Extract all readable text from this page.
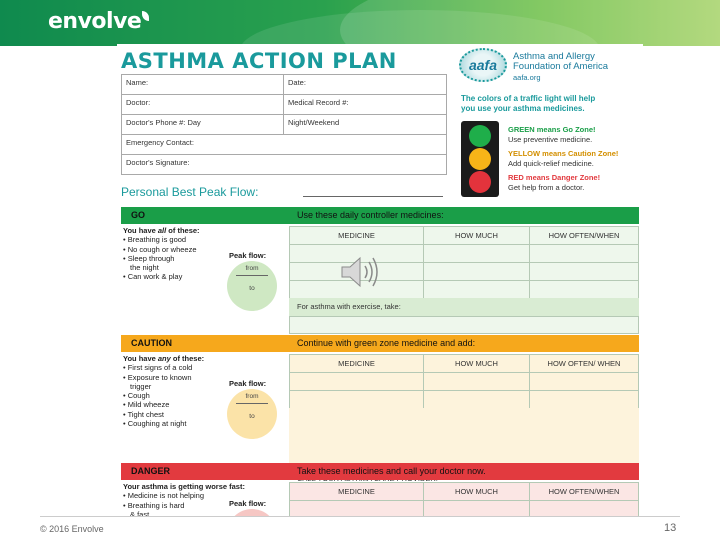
envolve
ASTHMA ACTION PLAN	aafa
Asthma and Allergy
Foundation of America
aafa.org
Name:	Date:
Doctor:	Medical Record #:
Doctor's Phone #: Day	Night/Weekend
Emergency Contact:	
Doctor's Signature:	
The colors of a traffic light will help
you use your asthma medicines.
GREEN means Go Zone!
Use preventive medicine.
YELLOW means Caution Zone!
Add quick-relief medicine.
RED means Danger Zone!
Get help from a doctor.
Personal Best Peak Flow:
GO	Use these daily controller medicines:
You have all of these:
• Breathing is good
• No cough or wheeze
• Sleep through
the night
• Can work & play
Peak flow:
from
to
MEDICINE	HOW MUCH	HOW OFTEN/WHEN

For asthma with exercise, take:
CAUTION	Continue with green zone medicine and add:
You have any of these:
• First signs of a cold
• Exposure to known
trigger
• Cough
• Mild wheeze
• Tight chest
• Coughing at night
Peak flow:
from
to
MEDICINE	HOW MUCH	HOW OFTEN/ WHEN

DANGER	Take these medicines and call your doctor now.
Your asthma is getting worse fast:
• Medicine is not helping
• Breathing is hard
& fast
Peak flow:
MEDICINE	HOW MUCH	HOW OFTEN/WHEN

© 2016 Envolve	13
